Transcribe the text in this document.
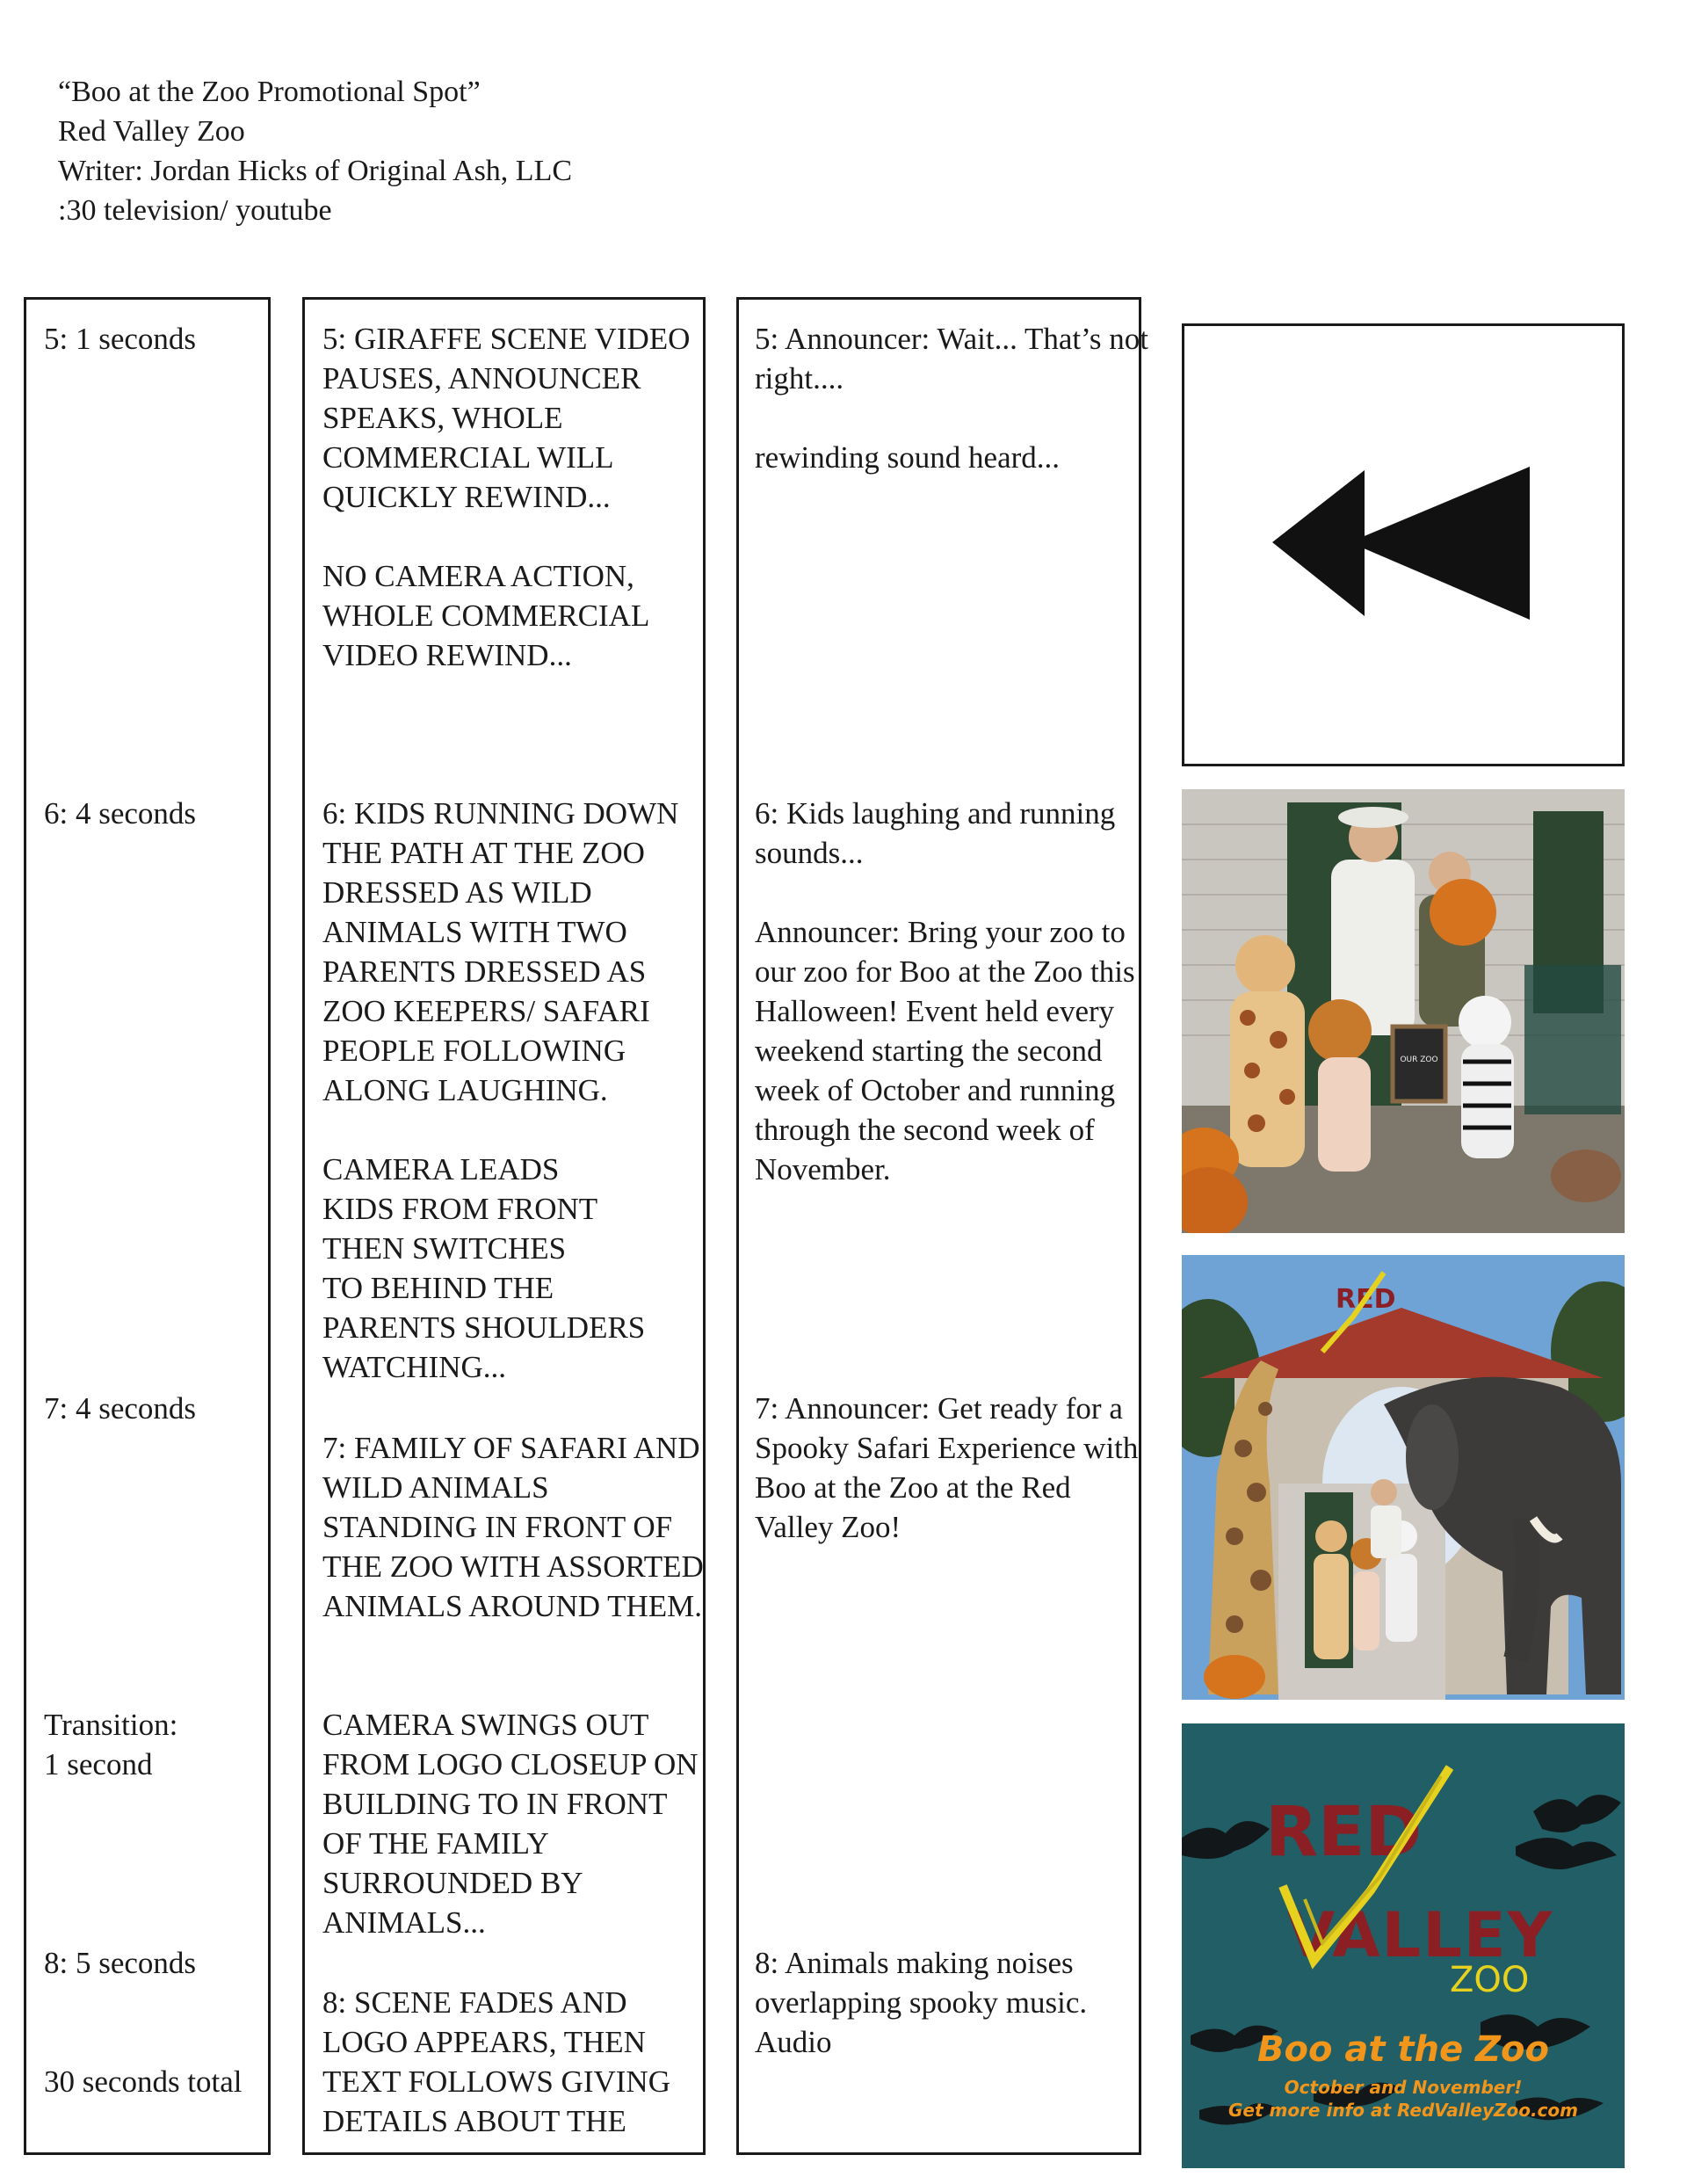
“Boo at the Zoo Promotional Spot”
Red Valley Zoo
Writer: Jordan Hicks of Original Ash, LLC
:30 television/ youtube
5: 1 seconds
6: 4 seconds
7: 4 seconds
Transition:
1 second
8: 5 seconds
30 seconds total
5: GIRAFFE SCENE VIDEO PAUSES, ANNOUNCER SPEAKS, WHOLE COMMERCIAL WILL QUICKLY REWIND...
NO CAMERA ACTION, WHOLE COMMERCIAL VIDEO REWIND...
6: KIDS RUNNING DOWN THE PATH AT THE ZOO DRESSED AS WILD ANIMALS WITH TWO PARENTS DRESSED AS ZOO KEEPERS/ SAFARI PEOPLE FOLLOWING ALONG LAUGHING.
CAMERA LEADS
KIDS FROM FRONT
THEN SWITCHES
TO BEHIND THE
PARENTS SHOULDERS
WATCHING...
7: FAMILY OF SAFARI AND WILD ANIMALS STANDING IN FRONT OF THE ZOO WITH ASSORTED ANIMALS AROUND THEM.
CAMERA SWINGS OUT FROM LOGO CLOSEUP ON BUILDING TO IN FRONT OF THE FAMILY SURROUNDED BY ANIMALS...
8: SCENE FADES AND LOGO APPEARS, THEN TEXT FOLLOWS GIVING DETAILS ABOUT THE
5: Announcer: Wait... That’s not right....
rewinding sound heard...
6: Kids laughing and running sounds...
Announcer: Bring your zoo to our zoo for Boo at the Zoo this Halloween! Event held every weekend starting the second week of October and running through the second week of November.
7: Announcer: Get ready for a Spooky Safari Experience with Boo at the Zoo at the Red Valley Zoo!
8: Animals making noises overlapping spooky music. Audio
OUR ZOO
RED
RED
VALLEY
ZOO
Boo at the Zoo
October and November!
Get more info at RedValleyZoo.com
